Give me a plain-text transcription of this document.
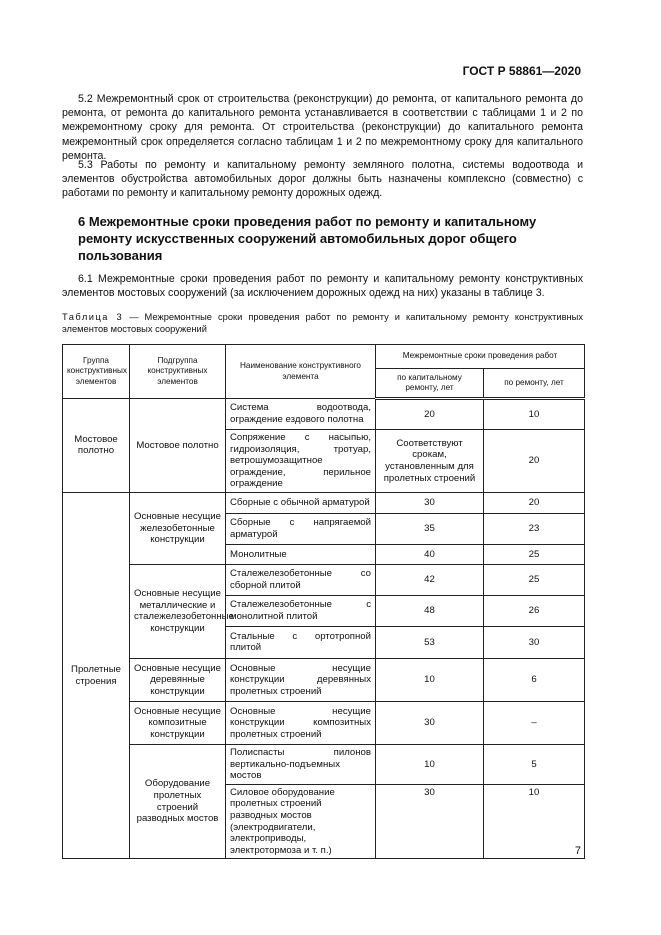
ГОСТ Р 58861—2020

5.2 Межремонтный срок от строительства (реконструкции) до ремонта, от капитального ремонта до ремонта, от ремонта до капитального ремонта устанавливается в соответствии с таблицами 1 и 2 по межремонтному сроку для ремонта. От строительства (реконструкции) до капитального ремонта межремонтный срок определяется согласно таблицам 1 и 2 по межремонтному сроку для капитального ремонта.

5.3 Работы по ремонту и капитальному ремонту земляного полотна, системы водоотвода и элементов обустройства автомобильных дорог должны быть назначены комплексно (совместно) с работами по ремонту и капитальному ремонту дорожных одежд.

6 Межремонтные сроки проведения работ по ремонту и капитальному ремонту искусственных сооружений автомобильных дорог общего пользования

6.1 Межремонтные сроки проведения работ по ремонту и капитальному ремонту конструктивных элементов мостовых сооружений (за исключением дорожных одежд на них) указаны в таблице 3.

Таблица 3 — Межремонтные сроки проведения работ по ремонту и капитальному ремонту конструктивных элементов мостовых сооружений

Группа конструктивных элементов	Подгруппа конструктивных элементов	Наименование конструктивного элемента	Межремонтные сроки проведения работ	
			по капитальному ремонту, лет	по ремонту, лет
Мостовое полотно	Мостовое полотно	Система водоотвода, ограждение ездового полотна	20	10
		Сопряжение с насыпью, гидроизоляция, тротуар, ветрошумозащитное ограждение, перильное ограждение	Соответствуют срокам, установленным для пролетных строений	20
Пролетные строения	Основные несущие железобетонные конструкции	Сборные с обычной арматурой	30	20
		Сборные с напрягаемой арматурой	35	23
		Монолитные	40	25
	Основные несущие металлические и сталежелезобетонные конструкции	Сталежелезобетонные со сборной плитой	42	25
		Сталежелезобетонные с монолитной плитой	48	26
		Стальные с ортотропной плитой	53	30
	Основные несущие деревянные конструкции	Основные несущие конструкции деревянных пролетных строений	10	6
	Основные несущие композитные конструкции	Основные несущие конструкции композитных пролетных строений	30	–
	Оборудование пролетных строений разводных мостов	Полиспасты пилонов вертикально-подъемных мостов	10	5
		Силовое оборудование пролетных строений разводных мостов (электродвигатели, электроприводы, электротормоза и т. п.)	30	10
7
